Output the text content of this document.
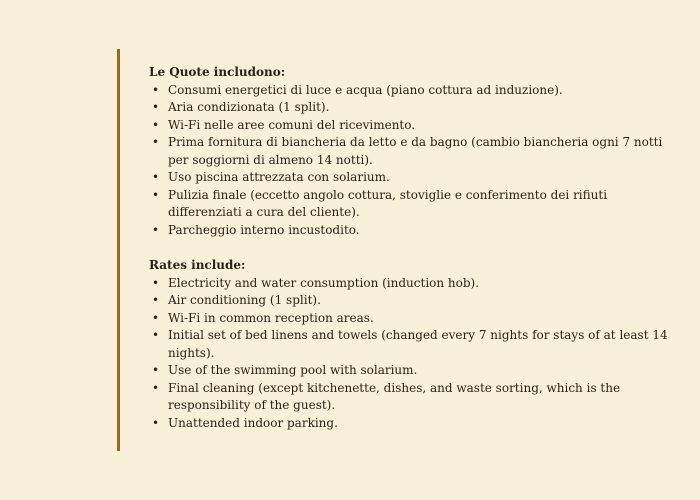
Le Quote includono:

• Consumi energetici di luce e acqua (piano cottura ad induzione).
• Aria condizionata (1 split).
• Wi-Fi nelle aree comuni del ricevimento.
• Prima fornitura di biancheria da letto e da bagno (cambio biancheria ogni 7 notti per soggiorni di almeno 14 notti).
• Uso piscina attrezzata con solarium.
• Pulizia finale (eccetto angolo cottura, stoviglie e conferimento dei rifiuti differenziati a cura del cliente).
• Parcheggio interno incustodito.

Rates include:

• Electricity and water consumption (induction hob).
• Air conditioning (1 split).
• Wi-Fi in common reception areas.
• Initial set of bed linens and towels (changed every 7 nights for stays of at least 14 nights).
• Use of the swimming pool with solarium.
• Final cleaning (except kitchenette, dishes, and waste sorting, which is the responsibility of the guest).
• Unattended indoor parking.
